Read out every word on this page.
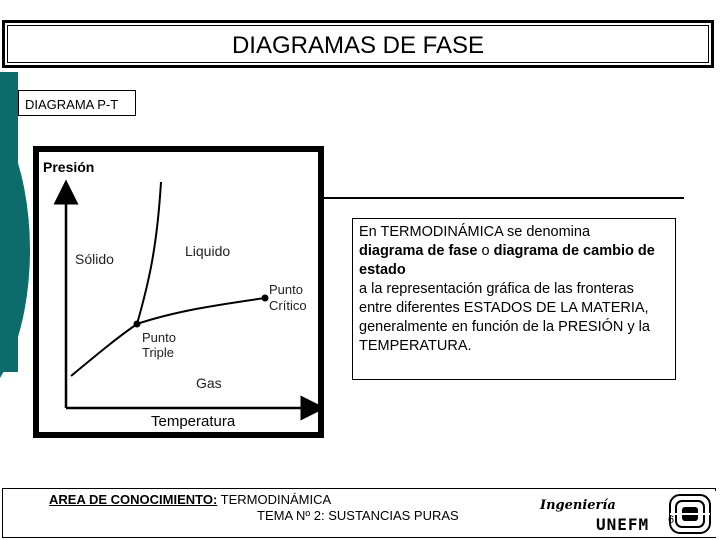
DIAGRAMAS DE FASE
DIAGRAMA P-T
Presión
Temperatura
Sólido	Liquido
Gas
Punto
Triple
Punto
Crítico

En TERMODINÁMICA se denomina
diagrama de fase o diagrama de cambio de estado
a la representación gráfica de las fronteras entre diferentes ESTADOS DE LA MATERIA,
generalmente en función de la PRESIÓN y la TEMPERATURA.

AREA DE CONOCIMIENTO: TERMODINÁMICA
TEMA Nº 2: SUSTANCIAS PURAS
Ingeniería
UNEFM 6
